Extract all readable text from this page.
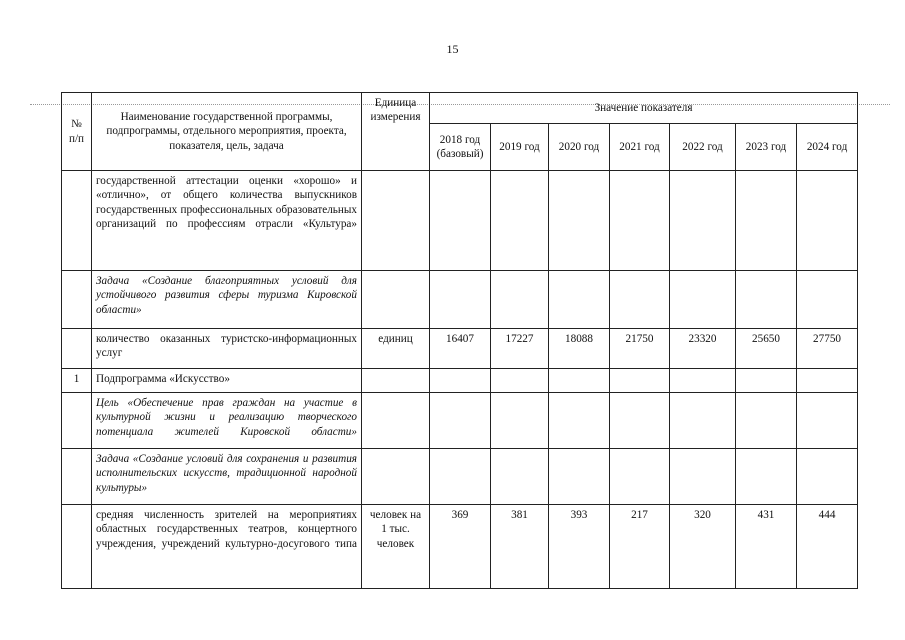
15
№ п/п	Наименование государственной программы, подпрограммы, отдельного мероприятия, проекта, показателя, цель, задача	Единица измерения	Значение показателя						
			2018 год (базовый)	2019 год	2020 год	2021 год	2022 год	2023 год	2024 год
	государственной аттестации оценки «хорошо» и «отлично», от общего количества выпускников государственных профессиональных образовательных организаций по профессиям отрасли «Культура»								
	Задача «Создание благоприятных условий для устойчивого развития сферы туризма Кировской области»								
	количество оказанных туристско-информационных услуг	единиц	16407	17227	18088	21750	23320	25650	27750
1	Подпрограмма «Искусство»								
	Цель «Обеспечение прав граждан на участие в культурной жизни и реализацию творческого потенциала жителей Кировской области»								
	Задача «Создание условий для сохранения и развития исполнительских искусств, традиционной народной культуры»								
	средняя численность зрителей на мероприятиях областных государственных театров, концертного учреждения, учреждений культурно-досугового типа	человек на 1 тыс. человек	369	381	393	217	320	431	444
